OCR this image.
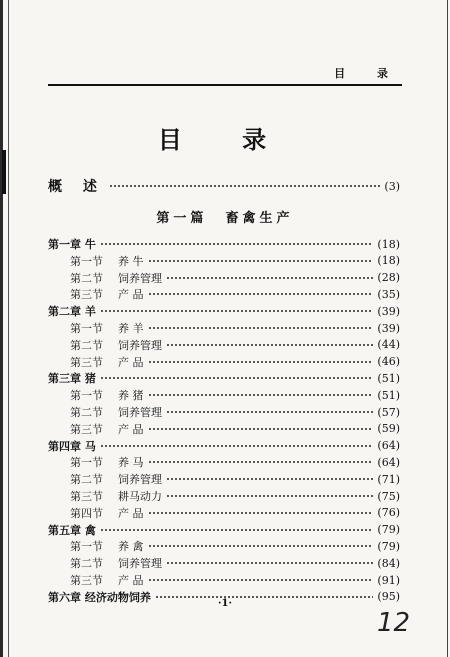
目 录
目 录
概 述	(3)
第一篇 畜禽生产
第一章 牛	(18)
第一节 养 牛	(18)
第二节 饲养管理	(28)
第三节 产 品	(35)
第二章 羊	(39)
第一节 养 羊	(39)
第二节 饲养管理	(44)
第三节 产 品	(46)
第三章 猪	(51)
第一节 养 猪	(51)
第二节 饲养管理	(57)
第三节 产 品	(59)
第四章 马	(64)
第一节 养 马	(64)
第二节 饲养管理	(71)
第三节 耕马动力	(75)
第四节 产 品	(76)
第五章 禽	(79)
第一节 养 禽	(79)
第二节 饲养管理	(84)
第三节 产 品	(91)
第六章 经济动物饲养	(95)
·1·
12
